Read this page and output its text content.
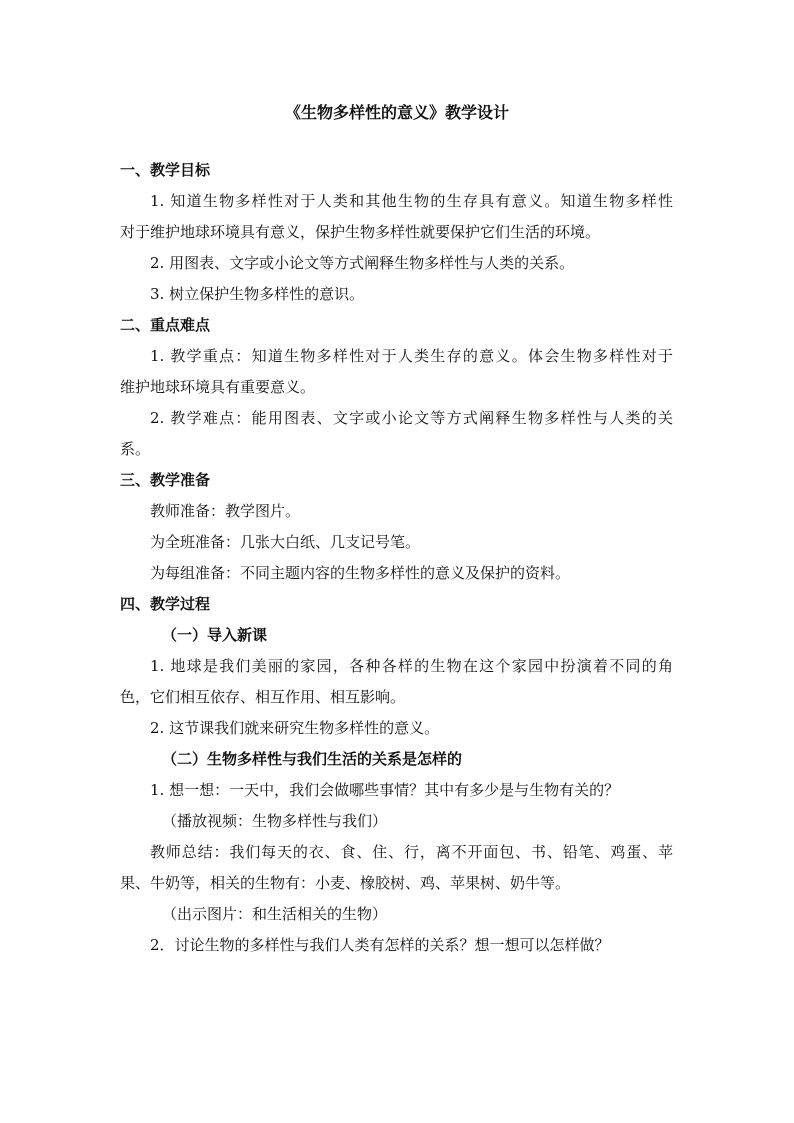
《生物多样性的意义》教学设计
一、教学目标
1. 知道生物多样性对于人类和其他生物的生存具有意义。知道生物多样性
对于维护地球环境具有意义，保护生物多样性就要保护它们生活的环境。
2. 用图表、文字或小论文等方式阐释生物多样性与人类的关系。
3. 树立保护生物多样性的意识。
二、重点难点
1. 教学重点：知道生物多样性对于人类生存的意义。体会生物多样性对于
维护地球环境具有重要意义。
2. 教学难点：能用图表、文字或小论文等方式阐释生物多样性与人类的关
系。
三、教学准备
教师准备：教学图片。
为全班准备：几张大白纸、几支记号笔。
为每组准备：不同主题内容的生物多样性的意义及保护的资料。
四、教学过程
（一）导入新课
1. 地球是我们美丽的家园，各种各样的生物在这个家园中扮演着不同的角
色，它们相互依存、相互作用、相互影响。
2. 这节课我们就来研究生物多样性的意义。
（二）生物多样性与我们生活的关系是怎样的
1. 想一想：一天中，我们会做哪些事情？其中有多少是与生物有关的？
（播放视频：生物多样性与我们）
教师总结：我们每天的衣、食、住、行，离不开面包、书、铅笔、鸡蛋、苹
果、牛奶等，相关的生物有：小麦、橡胶树、鸡、苹果树、奶牛等。
（出示图片：和生活相关的生物）
2．讨论生物的多样性与我们人类有怎样的关系？想一想可以怎样做？
